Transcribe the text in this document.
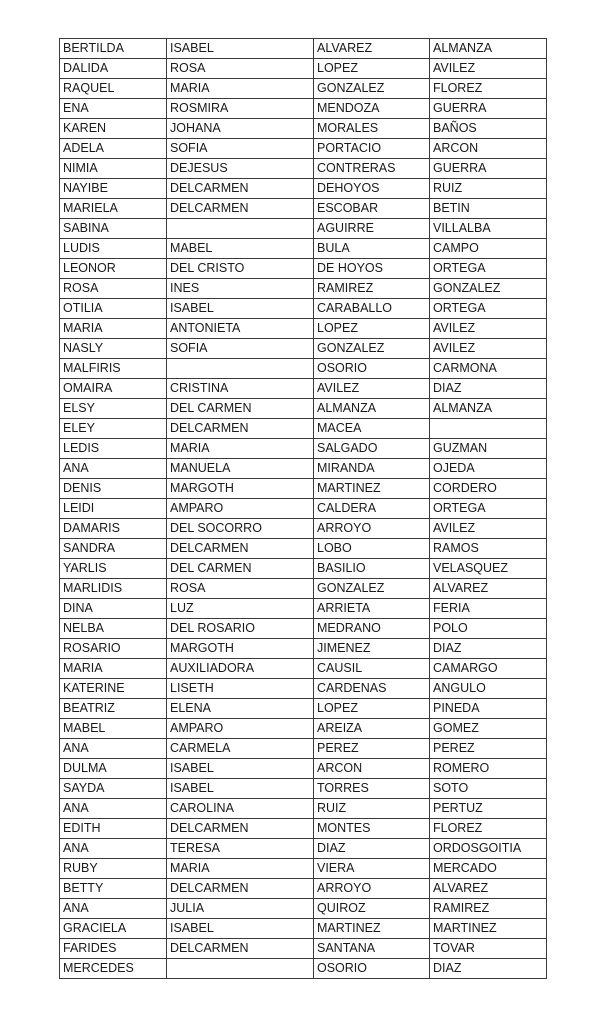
BERTILDA	ISABEL	ALVAREZ	ALMANZA
DALIDA	ROSA	LOPEZ	AVILEZ
RAQUEL	MARIA	GONZALEZ	FLOREZ
ENA	ROSMIRA	MENDOZA	GUERRA
KAREN	JOHANA	MORALES	BAÑOS
ADELA	SOFIA	PORTACIO	ARCON
NIMIA	DEJESUS	CONTRERAS	GUERRA
NAYIBE	DELCARMEN	DEHOYOS	RUIZ
MARIELA	DELCARMEN	ESCOBAR	BETIN
SABINA		AGUIRRE	VILLALBA
LUDIS	MABEL	BULA	CAMPO
LEONOR	DEL CRISTO	DE HOYOS	ORTEGA
ROSA	INES	RAMIREZ	GONZALEZ
OTILIA	ISABEL	CARABALLO	ORTEGA
MARIA	ANTONIETA	LOPEZ	AVILEZ
NASLY	SOFIA	GONZALEZ	AVILEZ
MALFIRIS		OSORIO	CARMONA
OMAIRA	CRISTINA	AVILEZ	DIAZ
ELSY	DEL CARMEN	ALMANZA	ALMANZA
ELEY	DELCARMEN	MACEA	
LEDIS	MARIA	SALGADO	GUZMAN
ANA	MANUELA	MIRANDA	OJEDA
DENIS	MARGOTH	MARTINEZ	CORDERO
LEIDI	AMPARO	CALDERA	ORTEGA
DAMARIS	DEL SOCORRO	ARROYO	AVILEZ
SANDRA	DELCARMEN	LOBO	RAMOS
YARLIS	DEL CARMEN	BASILIO	VELASQUEZ
MARLIDIS	ROSA	GONZALEZ	ALVAREZ
DINA	LUZ	ARRIETA	FERIA
NELBA	DEL ROSARIO	MEDRANO	POLO
ROSARIO	MARGOTH	JIMENEZ	DIAZ
MARIA	AUXILIADORA	CAUSIL	CAMARGO
KATERINE	LISETH	CARDENAS	ANGULO
BEATRIZ	ELENA	LOPEZ	PINEDA
MABEL	AMPARO	AREIZA	GOMEZ
ANA	CARMELA	PEREZ	PEREZ
DULMA	ISABEL	ARCON	ROMERO
SAYDA	ISABEL	TORRES	SOTO
ANA	CAROLINA	RUIZ	PERTUZ
EDITH	DELCARMEN	MONTES	FLOREZ
ANA	TERESA	DIAZ	ORDOSGOITIA
RUBY	MARIA	VIERA	MERCADO
BETTY	DELCARMEN	ARROYO	ALVAREZ
ANA	JULIA	QUIROZ	RAMIREZ
GRACIELA	ISABEL	MARTINEZ	MARTINEZ
FARIDES	DELCARMEN	SANTANA	TOVAR
MERCEDES		OSORIO	DIAZ
